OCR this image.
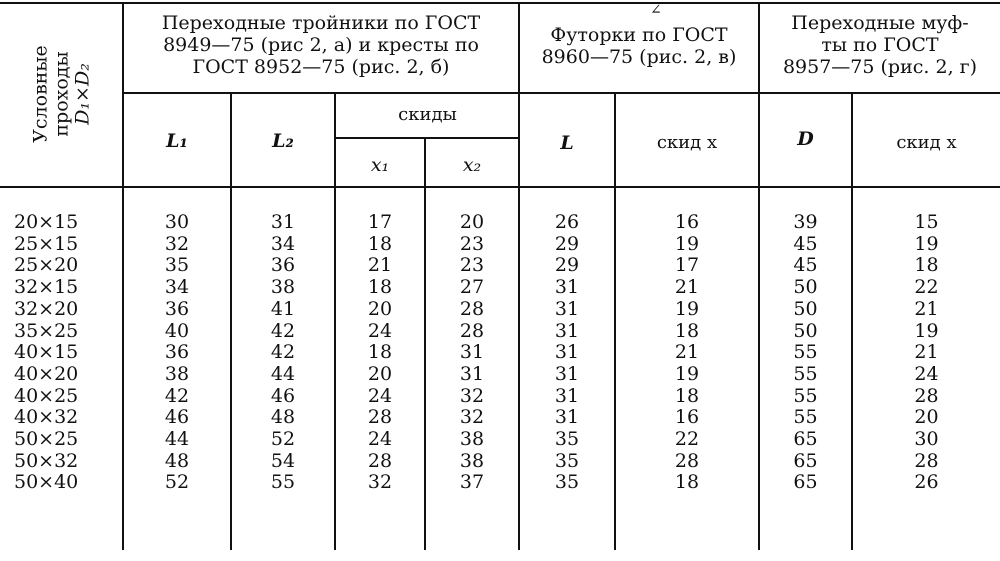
Условные проходы D₁×D₂
Переходные тройники по ГОСТ
8949—75 (рис 2, а) и кресты по
ГОСТ 8952—75 (рис. 2, б)
∠
Футорки по ГОСТ
8960—75 (рис. 2, в)
Переходные муф-
ты по ГОСТ
8957—75 (рис. 2, г)
L₁	L₂
скиды
x₁	x₂
L	скид x	D	скид x
20×15	30	31	17	20	26	16	39	15
25×15	32	34	18	23	29	19	45	19
25×20	35	36	21	23	29	17	45	18
32×15	34	38	18	27	31	21	50	22
32×20	36	41	20	28	31	19	50	21
35×25	40	42	24	28	31	18	50	19
40×15	36	42	18	31	31	21	55	21
40×20	38	44	20	31	31	19	55	24
40×25	42	46	24	32	31	18	55	28
40×32	46	48	28	32	31	16	55	20
50×25	44	52	24	38	35	22	65	30
50×32	48	54	28	38	35	28	65	28
50×40	52	55	32	37	35	18	65	26
